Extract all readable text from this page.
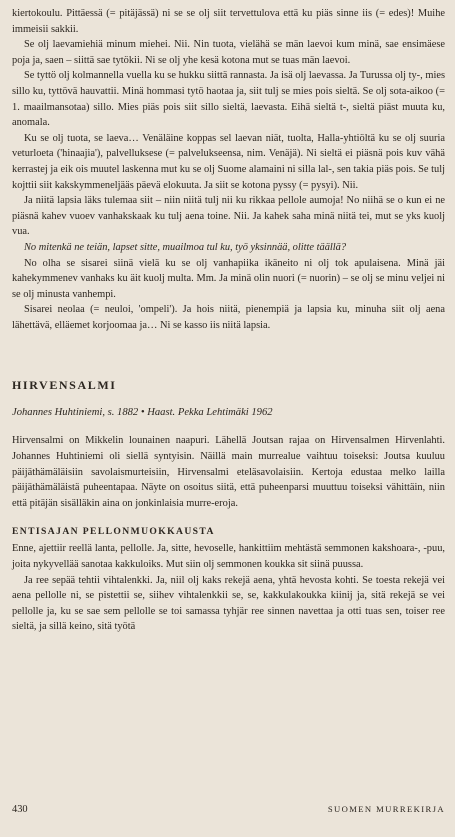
kiertokoulu. Pittäessä (= pitäjässä) ni se se olj siit tervettulova että ku piäs sinne iis (= edes)! Muihe immeisii sakkii.

Se olj laevamiehiä minum miehei. Nii. Nin tuota, vielähä se män laevoi kum minä, sae ensimäese poja ja, saen – siittä sae tytökii. Ni se olj yhe kesä kotona mut se tuas män laevoi.

Se tyttö olj kolmannella vuella ku se hukku siittä rannasta. Ja isä olj laevassa. Ja Turussa olj ty-, mies sillo ku, tyttövä hauvattii. Minä hommasi tytö haotaa ja, siit tulj se mies pois sieltä. Se olj sota-aikoo (= 1. maailmansotaa) sillo. Mies piäs pois siit sillo sieltä, laevasta. Eihä sieltä t-, sieltä piäst muuta ku, anomala.

Ku se olj tuota, se laeva… Venäläine koppas sel laevan niät, tuolta, Halla-yhtiöltä ku se olj suuria veturloeta ('hinaajia'), palvelluksese (= palvelukseensa, nim. Venäjä). Ni sieltä ei piäsnä pois kuv vähä kerrastej ja eik ois muutel laskenna mut ku se olj Suome alamaini ni silla lal-, sen takia piäs pois. Se tulj kojttii siit kakskymmeneljääs päevä elokuuta. Ja siit se kotona pyssy (= pysyi). Nii.

Ja niitä lapsia läks tulemaa siit – niin niitä tulj nii ku rikkaa pellole aumoja! No niihä se o kun ei ne piäsnä kahev vuoev vanhakskaak ku tulj aena toine. Nii. Ja kahek saha minä niitä tei, mut se yks kuolj vua.

No mitenkä ne teiän, lapset sitte, muailmoa tul ku, työ yksinnää, olitte täällä?

No olha se sisarei siinä vielä ku se olj vanhapiika ikäneito ni olj tok apulaisena. Minä jäi kahekymmenev vanhaks ku äit kuolj multa. Mm. Ja minä olin nuori (= nuorin) – se olj se minu veljei ni se olj minusta vanhempi.

Sisarei neolaa (= neuloi, 'ompeli'). Ja hois niitä, pienempiä ja lapsia ku, minuha siit olj aena lähettävä, elläemet korjoomaa ja… Ni se kasso iis niitä lapsia.

HIRVENSALMI
Johannes Huhtiniemi, s. 1882 • Haast. Pekka Lehtimäki 1962

Hirvensalmi on Mikkelin lounainen naapuri. Lähellä Joutsan rajaa on Hirvensalmen Hirvenlahti. Johannes Huhtiniemi oli siellä syntyisin. Näillä main murrealue vaihtuu toiseksi: Joutsa kuuluu päijäthämäläisiin savolaismurteisiin, Hirvensalmi eteläsavolaisiin. Kertoja edustaa melko lailla päijäthämäläistä puheentapaa. Näyte on osoitus siitä, että puheenparsi muuttuu toiseksi vähittäin, niin että pitäjän sisälläkin aina on jonkinlaisia murre-eroja.

ENTISAJAN PELLONMUOKKAUSTA

Enne, ajettiir reellä lanta, pellolle. Ja, sitte, hevoselle, hankittiim mehtästä semmonen kakshoara-, -puu, joita nykyvellää sanotaa kakkuloiks. Mut siin olj semmonen koukka sit siinä puussa.

Ja ree sepää tehtii vihtalenkki. Ja, niil olj kaks rekejä aena, yhtä hevosta kohti. Se toesta rekejä vei aena pellolle ni, se pistettii se, siihev vihtalenkkii se, se, kakkulakoukka kiinij ja, sitä rekejä se vei pellolle ja, ku se sae sem pellolle se toi samassa tyhjär ree sinnen navettaa ja otti tuas sen, toiser ree sieltä, ja sillä keino, sitä työtä

430	SUOMEN MURREKIRJA
